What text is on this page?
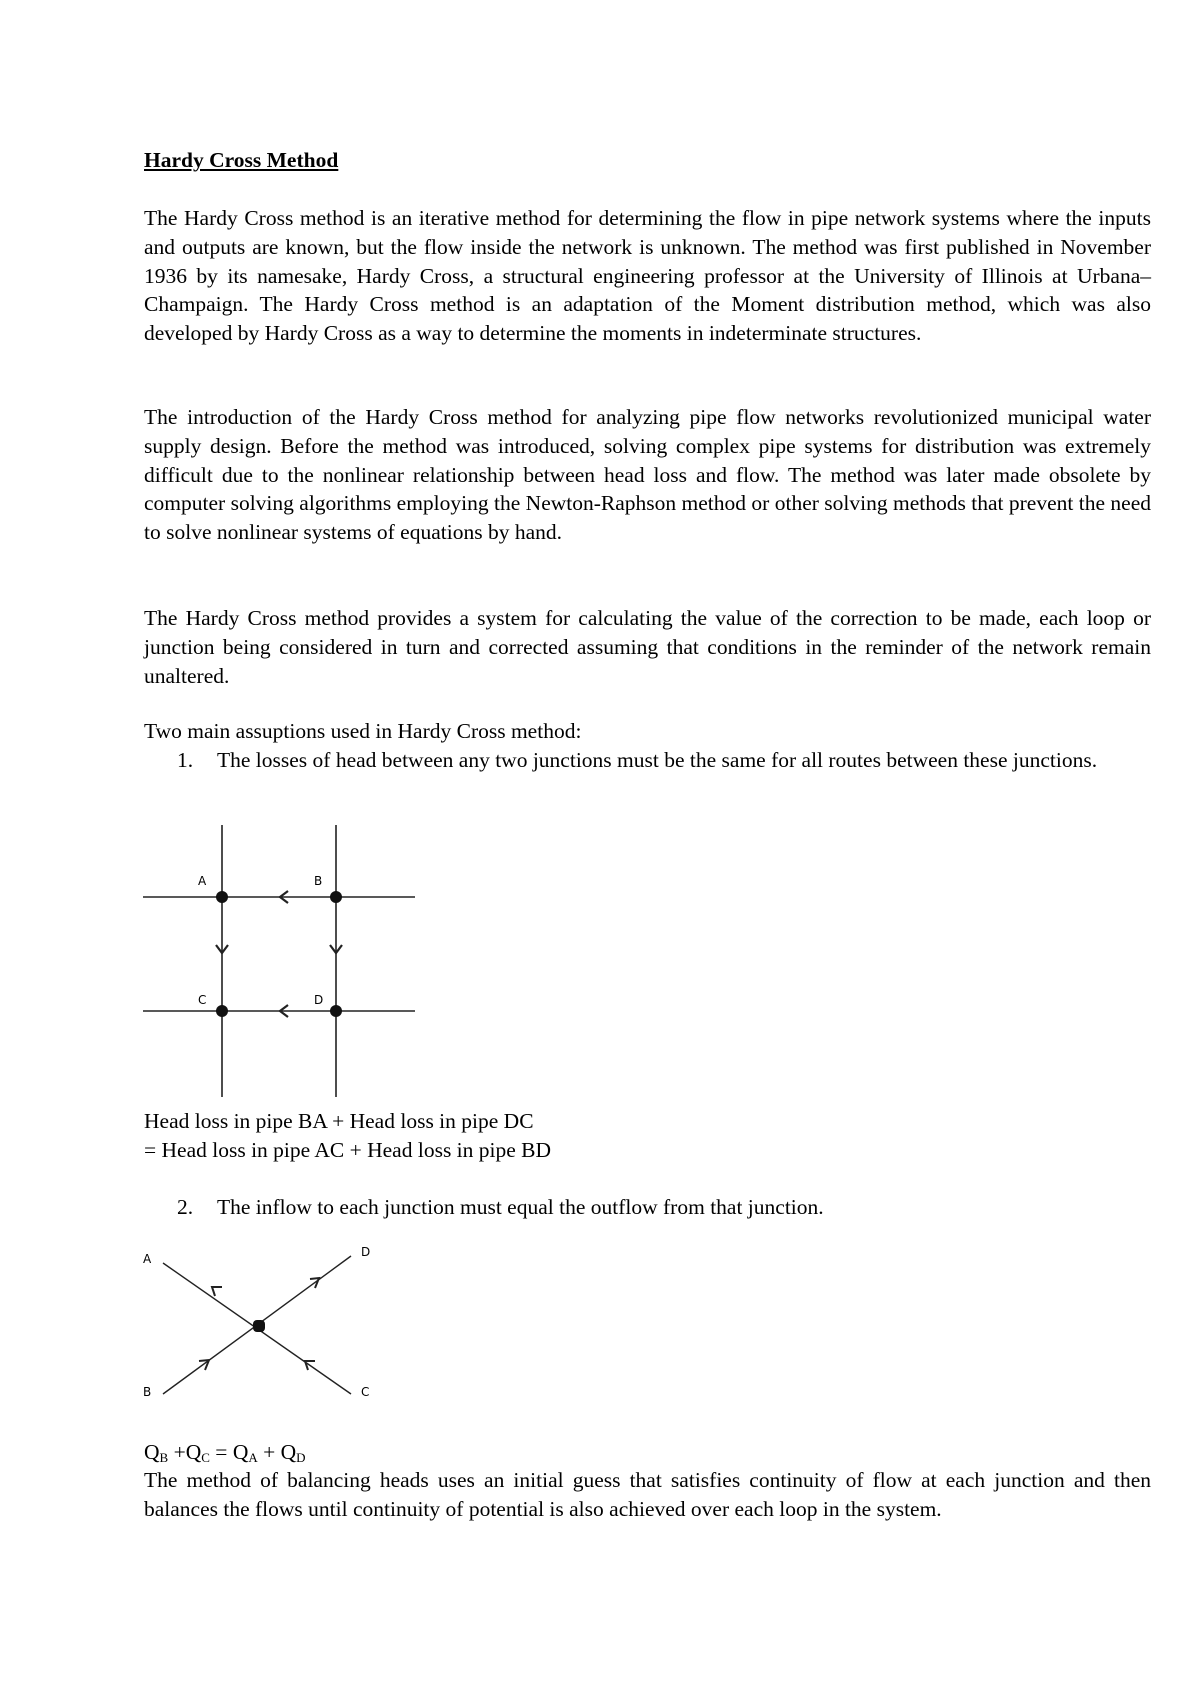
Hardy Cross Method
The Hardy Cross method is an iterative method for determining the flow in pipe network systems where the inputs and outputs are known, but the flow inside the network is unknown. The method was first published in November 1936 by its namesake, Hardy Cross, a structural engineering professor at the University of Illinois at Urbana–Champaign. The Hardy Cross method is an adaptation of the Moment distribution method, which was also developed by Hardy Cross as a way to determine the moments in indeterminate structures.
The introduction of the Hardy Cross method for analyzing pipe flow networks revolutionized municipal water supply design. Before the method was introduced, solving complex pipe systems for distribution was extremely difficult due to the nonlinear relationship between head loss and flow. The method was later made obsolete by computer solving algorithms employing the Newton-Raphson method or other solving methods that prevent the need to solve nonlinear systems of equations by hand.
The Hardy Cross method provides a system for calculating the value of the correction to be made, each loop or junction being considered in turn and corrected assuming that conditions in the reminder of the network remain unaltered.
Two main assuptions used in Hardy Cross method:
1. The losses of head between any two junctions must be the same for all routes between these junctions.
A	B
C	D
A	D
B	C
Head loss in pipe BA + Head loss in pipe DC
= Head loss in pipe AC + Head loss in pipe BD
2. The inflow to each junction must equal the outflow from that junction.
$Q_B +Q_C = Q_A + Q_D$
The method of balancing heads uses an initial guess that satisfies continuity of flow at each junction and then balances the flows until continuity of potential is also achieved over each loop in the system.
